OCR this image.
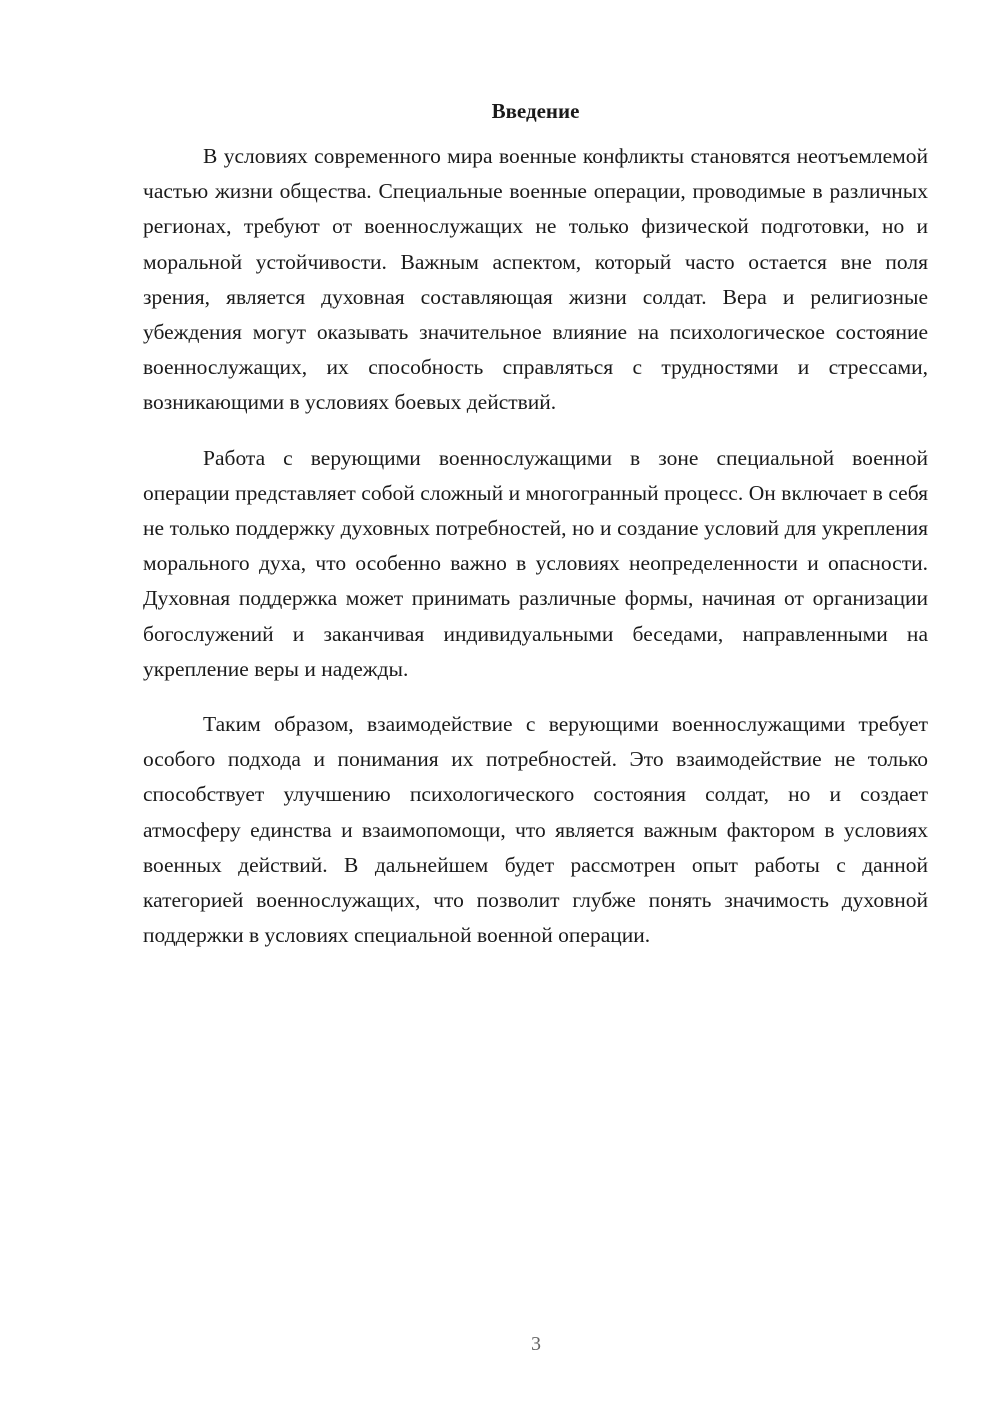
Введение

В условиях современного мира военные конфликты становятся неотъемлемой частью жизни общества. Специальные военные операции, проводимые в различных регионах, требуют от военнослужащих не только физической подготовки, но и моральной устойчивости. Важным аспектом, который часто остается вне поля зрения, является духовная составляющая жизни солдат. Вера и религиозные убеждения могут оказывать значительное влияние на психологическое состояние военнослужащих, их способность справляться с трудностями и стрессами, возникающими в условиях боевых действий.

Работа с верующими военнослужащими в зоне специальной военной операции представляет собой сложный и многогранный процесс. Он включает в себя не только поддержку духовных потребностей, но и создание условий для укрепления морального духа, что особенно важно в условиях неопределенности и опасности. Духовная поддержка может принимать различные формы, начиная от организации богослужений и заканчивая индивидуальными беседами, направленными на укрепление веры и надежды.

Таким образом, взаимодействие с верующими военнослужащими требует особого подхода и понимания их потребностей. Это взаимодействие не только способствует улучшению психологического состояния солдат, но и создает атмосферу единства и взаимопомощи, что является важным фактором в условиях военных действий. В дальнейшем будет рассмотрен опыт работы с данной категорией военнослужащих, что позволит глубже понять значимость духовной поддержки в условиях специальной военной операции.

3
